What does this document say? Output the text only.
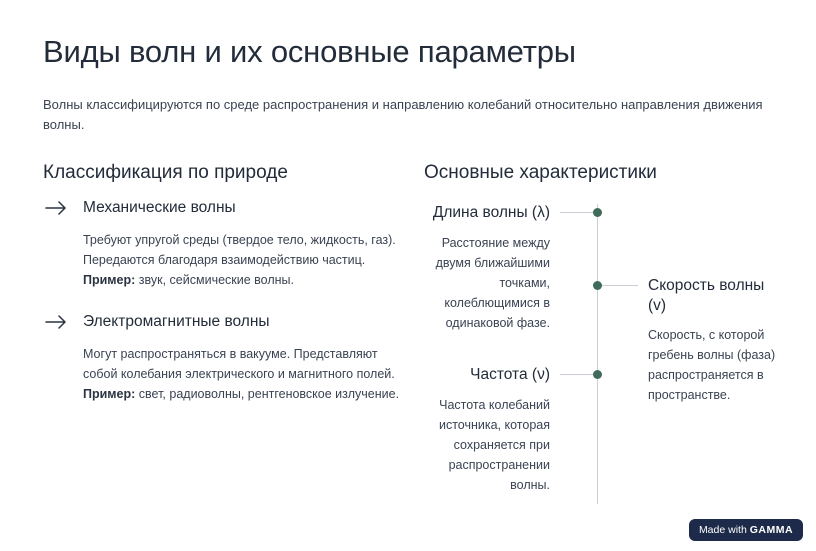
Виды волн и их основные параметры

Волны классифицируются по среде распространения и направлению колебаний относительно направления движения волны.

Классификация по природе
Механические волны

Требуют упругой среды (твердое тело, жидкость, газ). Передаются благодаря взаимодействию частиц. Пример: звук, сейсмические волны.

Электромагнитные волны

Могут распространяться в вакууме. Представляют собой колебания электрического и магнитного полей. Пример: свет, радиоволны, рентгеновское излучение.

Основные характеристики
Длина волны (λ)

Расстояние между двумя ближайшими точками, колеблющимися в одинаковой фазе.

Скорость волны (v)

Скорость, с которой гребень волны (фаза) распространяется в пространстве.

Частота (ν)

Частота колебаний источника, которая сохраняется при распространении волны.

Made with GAMMA
